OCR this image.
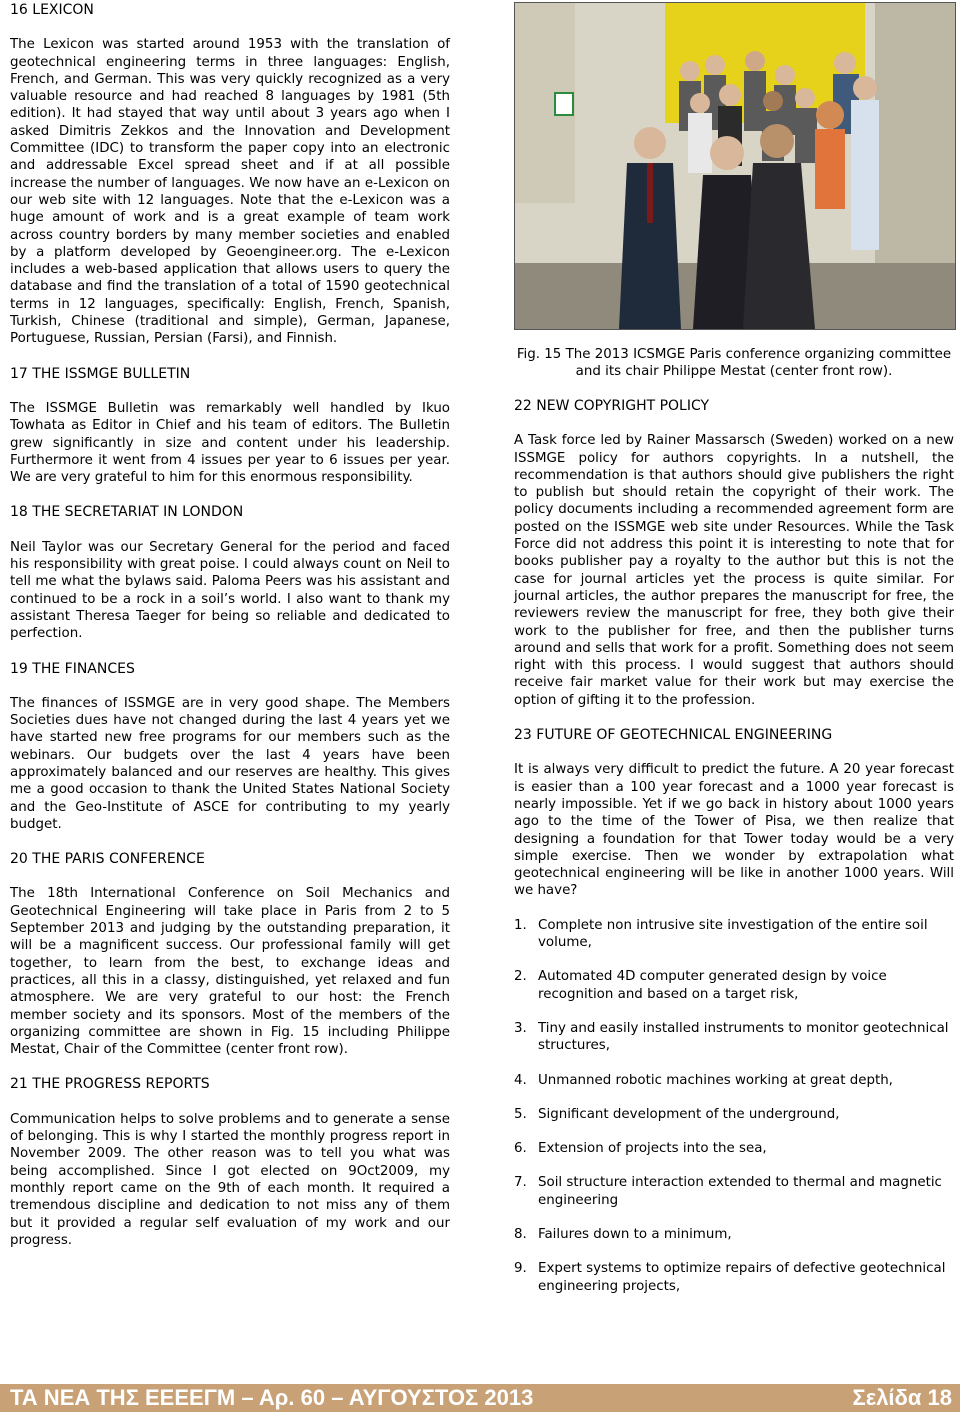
16 LEXICON

The Lexicon was started around 1953 with the translation of geotechnical engineering terms in three languages: English, French, and German. This was very quickly recognized as a very valuable resource and had reached 8 languages by 1981 (5th edition). It had stayed that way until about 3 years ago when I asked Dimitris Zekkos and the Innovation and Development Committee (IDC) to transform the paper copy into an electronic and addressable Excel spread sheet and if at all possible increase the number of languages. We now have an e-Lexicon on our web site with 12 languages. Note that the e-Lexicon was a huge amount of work and is a great example of team work across country borders by many member societies and enabled by a platform developed by Geoengineer.org. The e-Lexicon includes a web-based application that allows users to query the database and find the translation of a total of 1590 geotechnical terms in 12 languages, specifically: English, French, Spanish, Turkish, Chinese (traditional and simple), German, Japanese, Portuguese, Russian, Persian (Farsi), and Finnish.

17 THE ISSMGE BULLETIN

The ISSMGE Bulletin was remarkably well handled by Ikuo Towhata as Editor in Chief and his team of editors. The Bulletin grew significantly in size and content under his leadership. Furthermore it went from 4 issues per year to 6 issues per year. We are very grateful to him for this enormous responsibility.

18 THE SECRETARIAT IN LONDON

Neil Taylor was our Secretary General for the period and faced his responsibility with great poise. I could always count on Neil to tell me what the bylaws said. Paloma Peers was his assistant and continued to be a rock in a soil’s world. I also want to thank my assistant Theresa Taeger for being so reliable and dedicated to perfection.

19 THE FINANCES

The finances of ISSMGE are in very good shape. The Members Societies dues have not changed during the last 4 years yet we have started new free programs for our members such as the webinars. Our budgets over the last 4 years have been approximately balanced and our reserves are healthy. This gives me a good occasion to thank the United States National Society and the Geo-Institute of ASCE for contributing to my yearly budget.

20 THE PARIS CONFERENCE

The 18th International Conference on Soil Mechanics and Geotechnical Engineering will take place in Paris from 2 to 5 September 2013 and judging by the outstanding preparation, it will be a magnificent success. Our professional family will get together, to learn from the best, to exchange ideas and practices, all this in a classy, distinguished, yet relaxed and fun atmosphere. We are very grateful to our host: the French member society and its sponsors. Most of the members of the organizing committee are shown in Fig. 15 including Philippe Mestat, Chair of the Committee (center front row).

21 THE PROGRESS REPORTS

Communication helps to solve problems and to generate a sense of belonging. This is why I started the monthly progress report in November 2009. The other reason was to tell you what was being accomplished. Since I got elected on 9Oct2009, my monthly report came on the 9th of each month. It required a tremendous discipline and dedication to not miss any of them but it provided a regular self evaluation of my work and our progress.

Fig. 15 The 2013 ICSMGE Paris conference organizing committee and its chair Philippe Mestat (center front row).

22 NEW COPYRIGHT POLICY

A Task force led by Rainer Massarsch (Sweden) worked on a new ISSMGE policy for authors copyrights. In a nutshell, the recommendation is that authors should give publishers the right to publish but should retain the copyright of their work. The policy documents including a recommended agreement form are posted on the ISSMGE web site under Resources. While the Task Force did not address this point it is interesting to note that for books publisher pay a royalty to the author but this is not the case for journal articles yet the process is quite similar. For journal articles, the author prepares the manuscript for free, the reviewers review the manuscript for free, they both give their work to the publisher for free, and then the publisher turns around and sells that work for a profit. Something does not seem right with this process. I would suggest that authors should receive fair market value for their work but may exercise the option of gifting it to the profession.

23 FUTURE OF GEOTECHNICAL ENGINEERING

It is always very difficult to predict the future. A 20 year forecast is easier than a 100 year forecast and a 1000 year forecast is nearly impossible. Yet if we go back in history about 1000 years ago to the time of the Tower of Pisa, we then realize that designing a foundation for that Tower today would be a very simple exercise. Then we wonder by extrapolation what geotechnical engineering will be like in another 1000 years. Will we have?

1. Complete non intrusive site investigation of the entire soil volume,
2. Automated 4D computer generated design by voice recognition and based on a target risk,
3. Tiny and easily installed instruments to monitor geotechnical structures,
4. Unmanned robotic machines working at great depth,
5. Significant development of the underground,
6. Extension of projects into the sea,
7. Soil structure interaction extended to thermal and magnetic engineering
8. Failures down to a minimum,
9. Expert systems to optimize repairs of defective geotechnical engineering projects,
ΤΑ ΝΕΑ ΤΗΣ ΕΕΕΕΓΜ – Αρ. 60 – ΑΥΓΟΥΣΤΟΣ 2013	Σελίδα 18
